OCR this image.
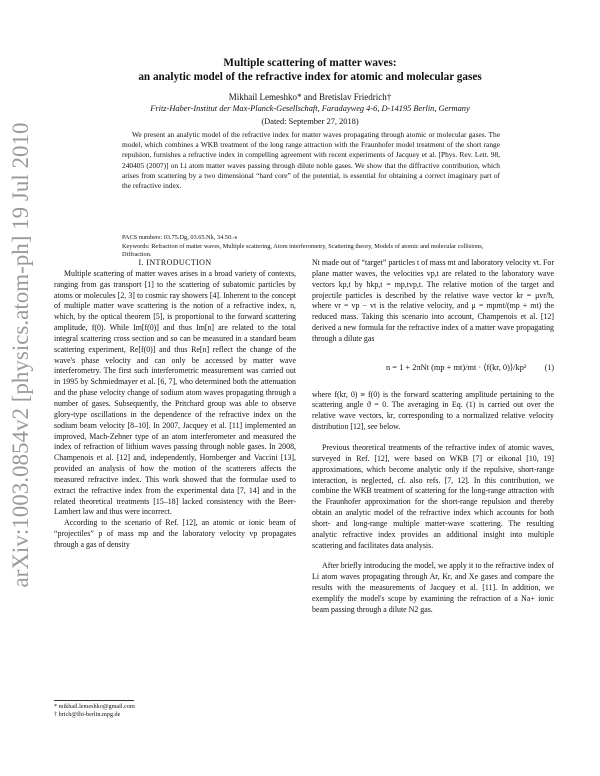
arXiv:1003.0854v2 [physics.atom-ph] 19 Jul 2010
Multiple scattering of matter waves:
an analytic model of the refractive index for atomic and molecular gases
Mikhail Lemeshko* and Bretislav Friedrich†
Fritz-Haber-Institut der Max-Planck-Gesellschaft, Faradayweg 4-6, D-14195 Berlin, Germany
(Dated: September 27, 2018)

We present an analytic model of the refractive index for matter waves propagating through atomic or molecular gases. The model, which combines a WKB treatment of the long range attraction with the Fraunhofer model treatment of the short range repulsion, furnishes a refractive index in compelling agreement with recent experiments of Jacquey et al. [Phys. Rev. Lett. 98, 240405 (2007)] on Li atom matter waves passing through dilute noble gases. We show that the diffractive contribution, which arises from scattering by a two dimensional “hard core” of the potential, is essential for obtaining a correct imaginary part of the refractive index.

PACS numbers: 03.75.Dg, 03.65.Nk, 34.50.-s

Keywords: Refraction of matter waves, Multiple scattering, Atom interferometry, Scattering theory, Models of atomic and molecular collisions, Diffraction.

I. INTRODUCTION

Multiple scattering of matter waves arises in a broad variety of contexts, ranging from gas transport [1] to the scattering of subatomic particles by atoms or molecules [2, 3] to cosmic ray showers [4]. Inherent to the concept of multiple matter wave scattering is the notion of a refractive index, n, which, by the optical theorem [5], is proportional to the forward scattering amplitude, f(0). While Im[f(0)] and thus Im[n] are related to the total integral scattering cross section and so can be measured in a standard beam scattering experiment, Re[f(0)] and thus Re[n] reflect the change of the wave's phase velocity and can only be accessed by matter wave interferometry. The first such interferometric measurement was carried out in 1995 by Schmiedmayer et al. [6, 7], who determined both the attenuation and the phase velocity change of sodium atom waves propagating through a number of gases. Subsequently, the Pritchard group was able to observe glory-type oscillations in the dependence of the refractive index on the sodium beam velocity [8–10]. In 2007, Jacquey et al. [11] implemented an improved, Mach-Zehner type of an atom interferometer and measured the index of refraction of lithium waves passing through noble gases. In 2008, Champenois et al. [12] and, independently, Hornberger and Vaccini [13], provided an analysis of how the motion of the scatterers affects the measured refractive index. This work showed that the formulae used to extract the refractive index from the experimental data [7, 14] and in the related theoretical treatments [15–18] lacked consistency with the Beer-Lambert law and thus were incorrect.

According to the scenario of Ref. [12], an atomic or ionic beam of “projectiles” p of mass mp and the laboratory velocity vp propagates through a gas of density

Nt made out of “target” particles t of mass mt and laboratory velocity vt. For plane matter waves, the velocities vp,t are related to the laboratory wave vectors kp,t by ħkp,t = mp,tvp,t. The relative motion of the target and projectile particles is described by the relative wave vector kr = μvr/ħ, where vr = vp − vt is the relative velocity, and μ = mpmt/(mp + mt) the reduced mass. Taking this scenario into account, Champenois et al. [12] derived a new formula for the refractive index of a matter wave propagating through a dilute gas

n = 1 + 2πNt (mp + mt)/mt · ⟨f(kr, 0)⟩/kp² (1)

where f(kr, 0) ≡ f(0) is the forward scattering amplitude pertaining to the scattering angle ϑ = 0. The averaging in Eq. (1) is carried out over the relative wave vectors, kr, corresponding to a normalized relative velocity distribution [12], see below.

Previous theoretical treatments of the refractive index of atomic waves, surveyed in Ref. [12], were based on WKB [7] or eikonal [10, 19] approximations, which become analytic only if the repulsive, short-range interaction, is neglected, cf. also refs. [7, 12]. In this contribution, we combine the WKB treatment of scattering for the long-range attraction with the Fraunhofer approximation for the short-range repulsion and thereby obtain an analytic model of the refractive index which accounts for both short- and long-range multiple matter-wave scattering. The resulting analytic refractive index provides an additional insight into multiple scattering and facilitates data analysis.

After briefly introducing the model, we apply it to the refractive index of Li atom waves propagating through Ar, Kr, and Xe gases and compare the results with the measurements of Jacquey et al. [11]. In addition, we exemplify the model's scope by examining the refraction of a Na+ ionic beam passing through a dilute N2 gas.

* mikhail.lemeshko@gmail.com
† brich@fhi-berlin.mpg.de
